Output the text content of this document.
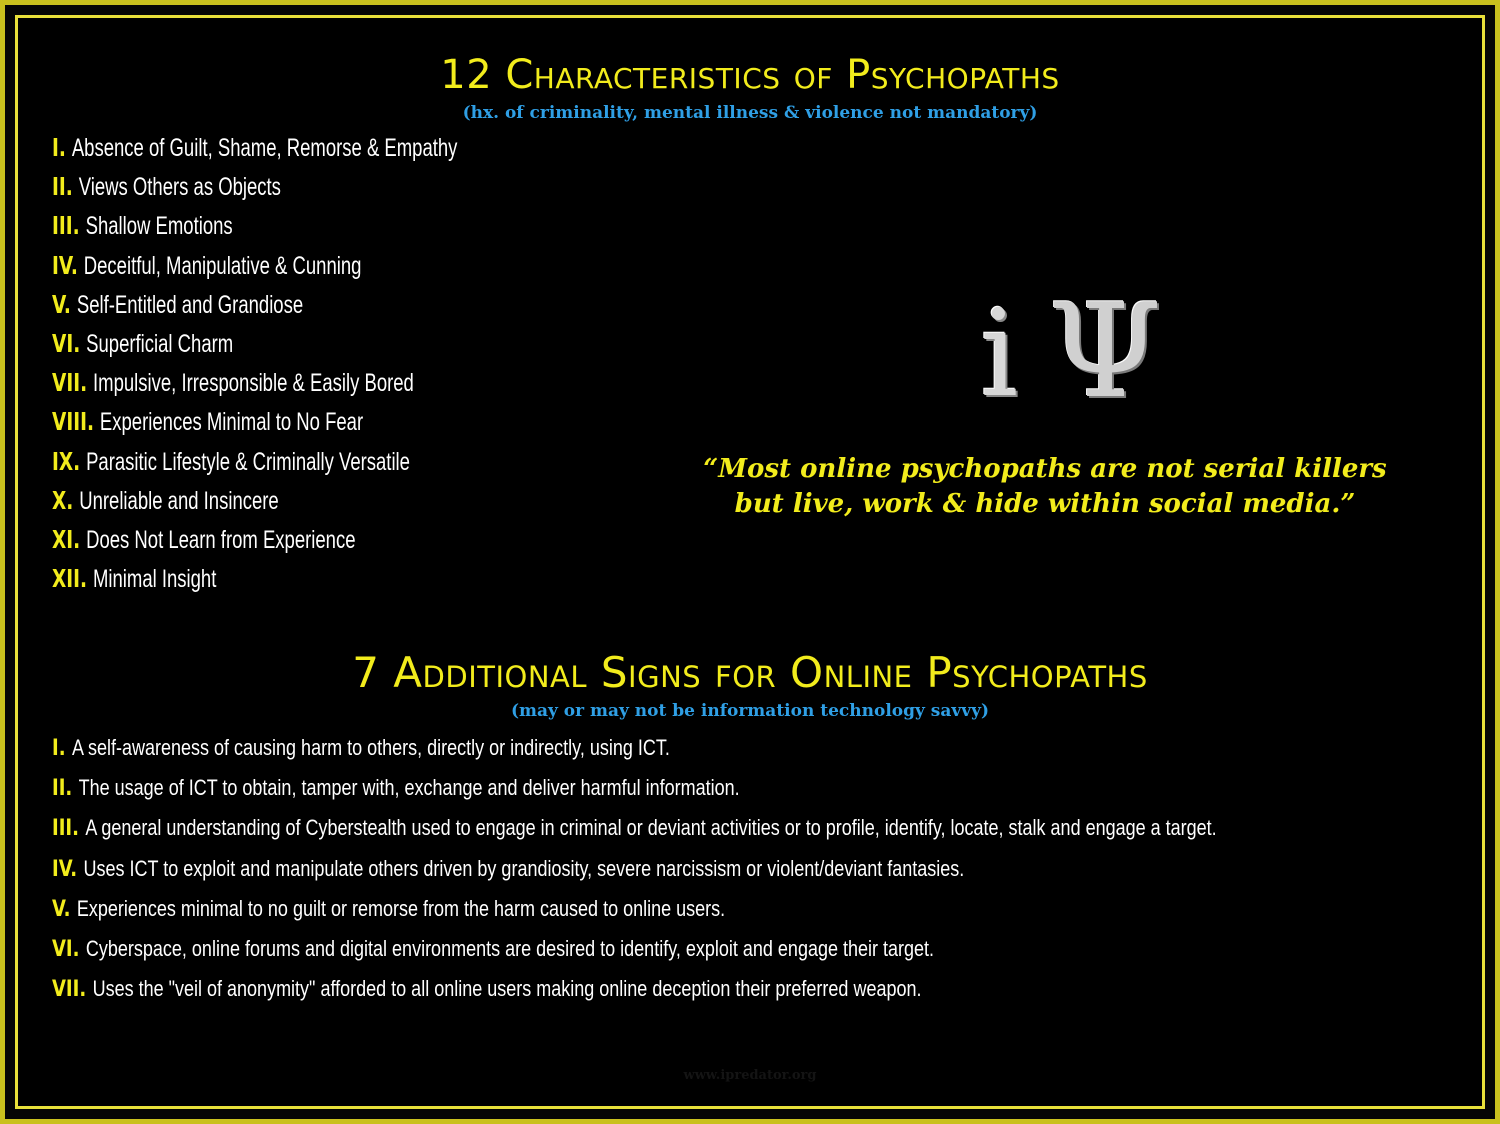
12 Characteristics of Psychopaths
(hx. of criminality, mental illness & violence not mandatory)
I. Absence of Guilt, Shame, Remorse & Empathy
II. Views Others as Objects
III. Shallow Emotions
IV. Deceitful, Manipulative & Cunning
V. Self-Entitled and Grandiose
VI. Superficial Charm
VII. Impulsive, Irresponsible & Easily Bored
VIII. Experiences Minimal to No Fear
IX. Parasitic Lifestyle & Criminally Versatile
X. Unreliable and Insincere
XI. Does Not Learn from Experience
XII. Minimal Insight
i Ψ
“Most online psychopaths are not serial killers but live, work & hide within social media.”
7 Additional Signs for Online Psychopaths
(may or may not be information technology savvy)
I. A self-awareness of causing harm to others, directly or indirectly, using ICT.
II. The usage of ICT to obtain, tamper with, exchange and deliver harmful information.
III. A general understanding of Cyberstealth used to engage in criminal or deviant activities or to profile, identify, locate, stalk and engage a target.
IV. Uses ICT to exploit and manipulate others driven by grandiosity, severe narcissism or violent/deviant fantasies.
V. Experiences minimal to no guilt or remorse from the harm caused to online users.
VI. Cyberspace, online forums and digital environments are desired to identify, exploit and engage their target.
VII. Uses the "veil of anonymity" afforded to all online users making online deception their preferred weapon.
www.ipredator.org
